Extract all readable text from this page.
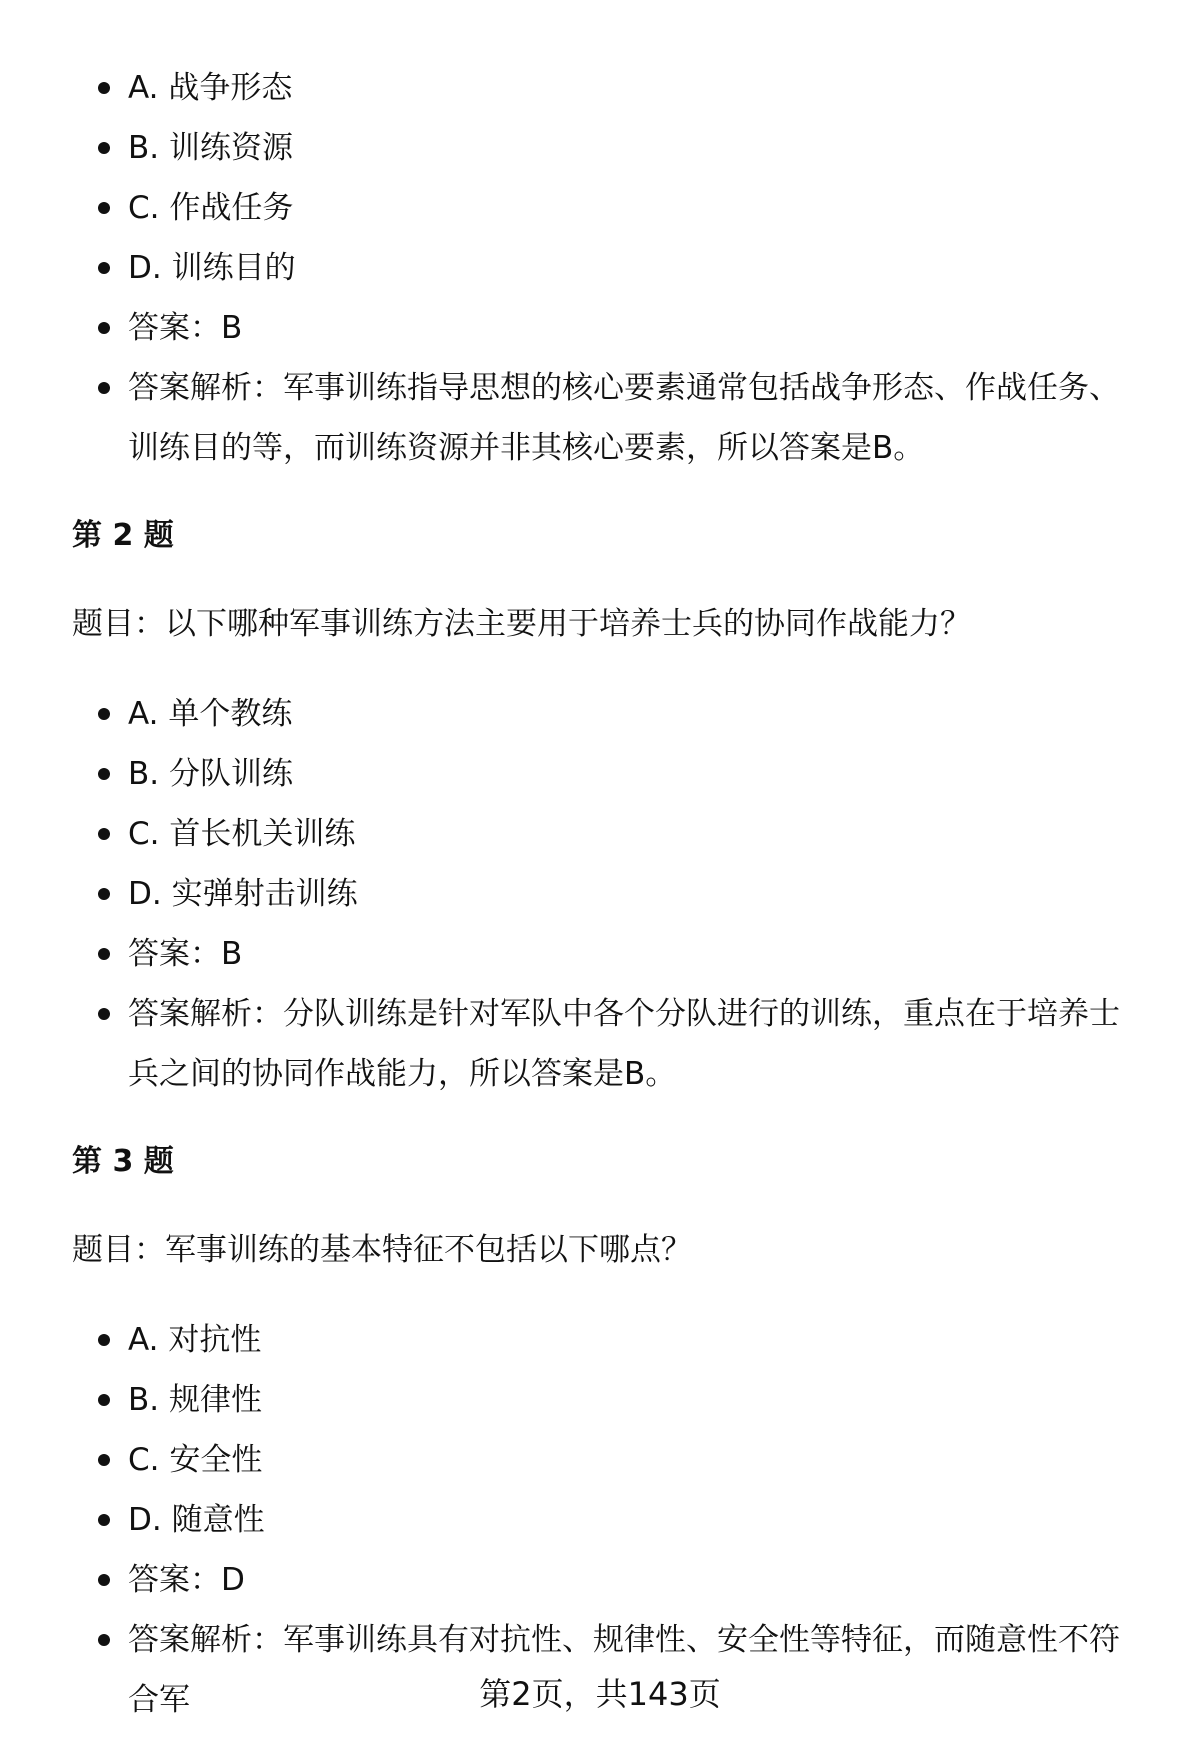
A. 战争形态
B. 训练资源
C. 作战任务
D. 训练目的
答案：B
答案解析：军事训练指导思想的核心要素通常包括战争形态、作战任务、训练目的等，而训练资源并非其核心要素，所以答案是B。
第 2 题
题目：以下哪种军事训练方法主要用于培养士兵的协同作战能力？
A. 单个教练
B. 分队训练
C. 首长机关训练
D. 实弹射击训练
答案：B
答案解析：分队训练是针对军队中各个分队进行的训练，重点在于培养士兵之间的协同作战能力，所以答案是B。
第 3 题
题目：军事训练的基本特征不包括以下哪点？
A. 对抗性
B. 规律性
C. 安全性
D. 随意性
答案：D
答案解析：军事训练具有对抗性、规律性、安全性等特征，而随意性不符合军	第2页，共143页
